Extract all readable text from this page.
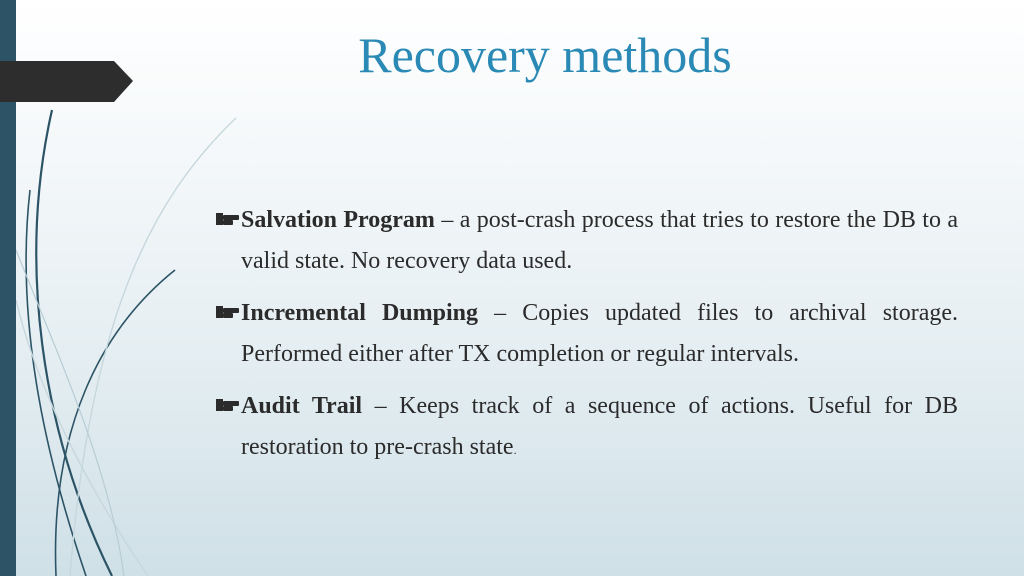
Recovery methods

Salvation Program – a post-crash process that tries to restore the DB to a valid state. No recovery data used.

Incremental Dumping – Copies updated files to archival storage. Performed either after TX completion or regular intervals.

Audit Trail – Keeps track of a sequence of actions. Useful for DB restoration to pre-crash state.
